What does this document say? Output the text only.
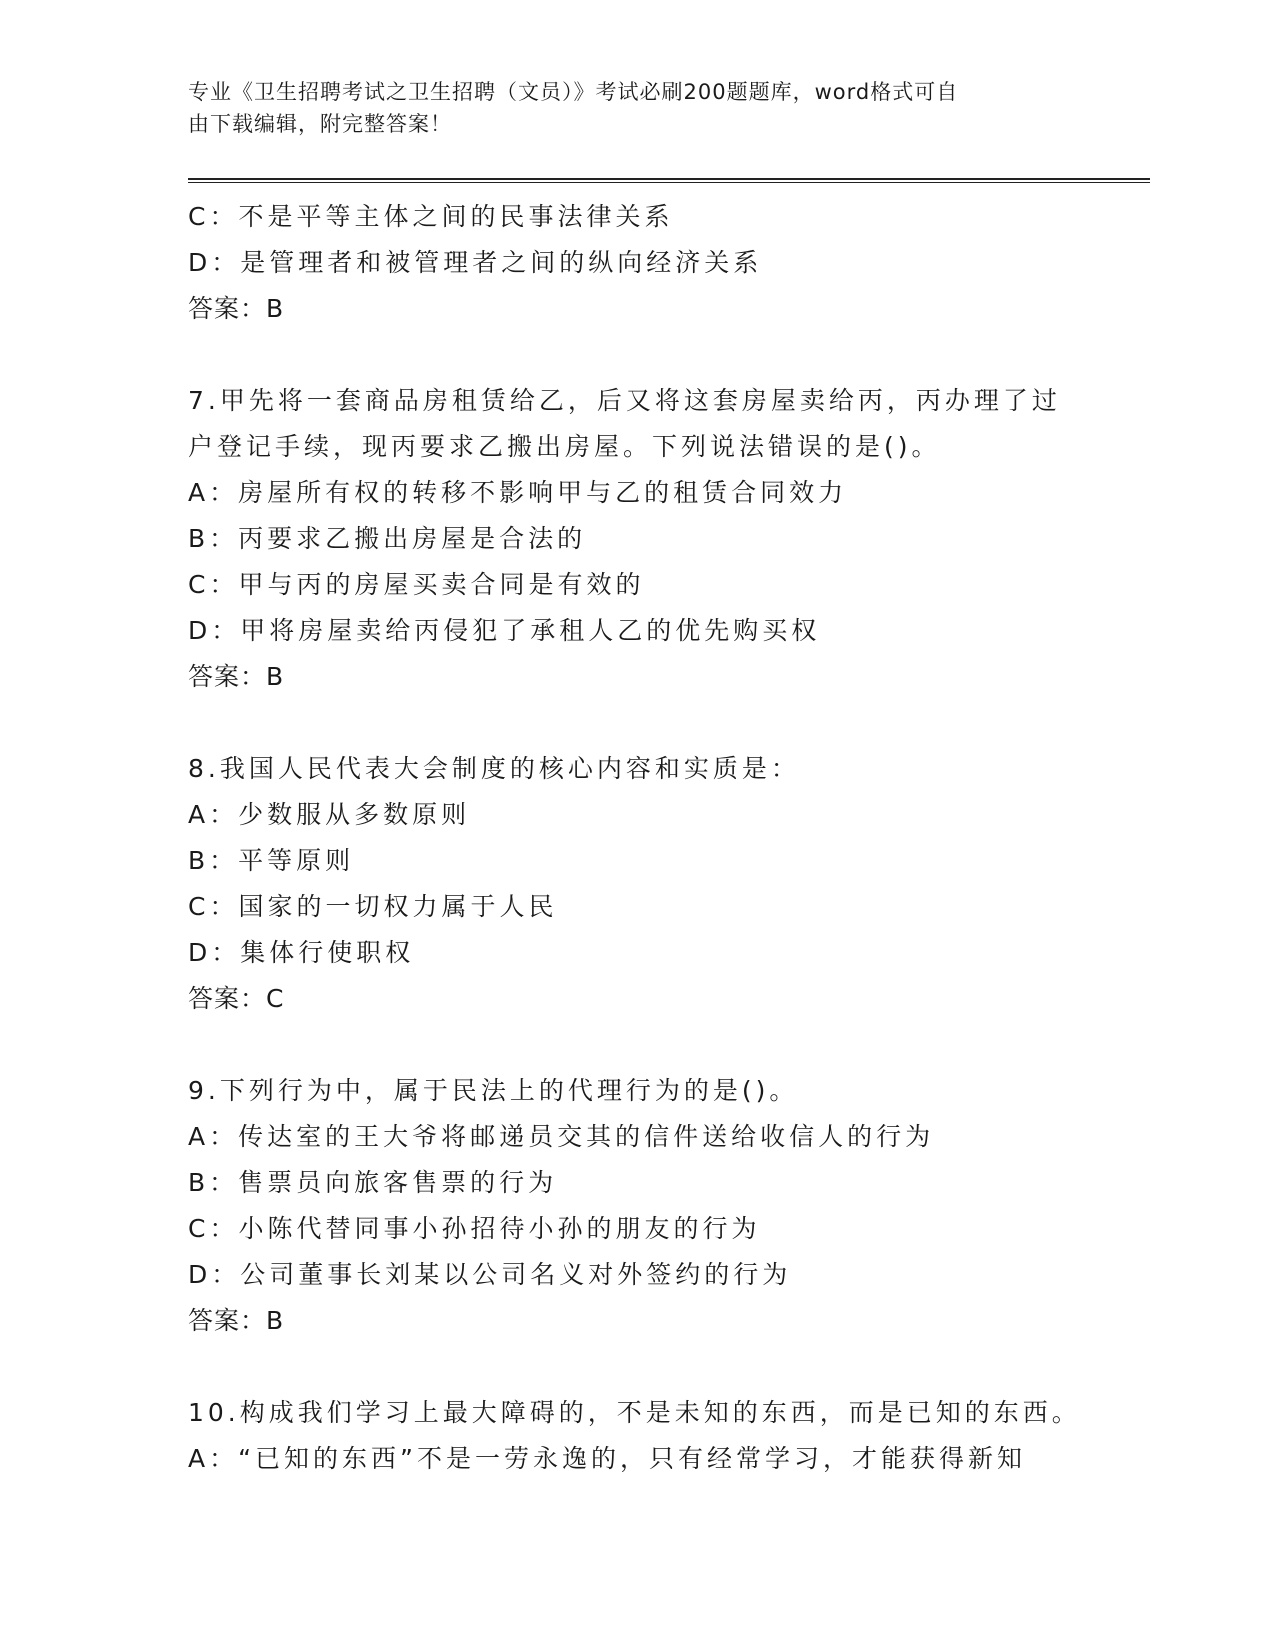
专业《卫生招聘考试之卫生招聘（文员）》考试必刷200题题库，word格式可自
由下载编辑，附完整答案！

C：不是平等主体之间的民事法律关系

D：是管理者和被管理者之间的纵向经济关系

答案：B

7.甲先将一套商品房租赁给乙，后又将这套房屋卖给丙，丙办理了过

户登记手续，现丙要求乙搬出房屋。下列说法错误的是()。

A：房屋所有权的转移不影响甲与乙的租赁合同效力

B：丙要求乙搬出房屋是合法的

C：甲与丙的房屋买卖合同是有效的

D：甲将房屋卖给丙侵犯了承租人乙的优先购买权

答案：B

8.我国人民代表大会制度的核心内容和实质是：

A：少数服从多数原则

B：平等原则

C：国家的一切权力属于人民

D：集体行使职权

答案：C

9.下列行为中，属于民法上的代理行为的是()。

A：传达室的王大爷将邮递员交其的信件送给收信人的行为

B：售票员向旅客售票的行为

C：小陈代替同事小孙招待小孙的朋友的行为

D：公司董事长刘某以公司名义对外签约的行为

答案：B

10.构成我们学习上最大障碍的，不是未知的东西，而是已知的东西。

A：“已知的东西”不是一劳永逸的，只有经常学习，才能获得新知
